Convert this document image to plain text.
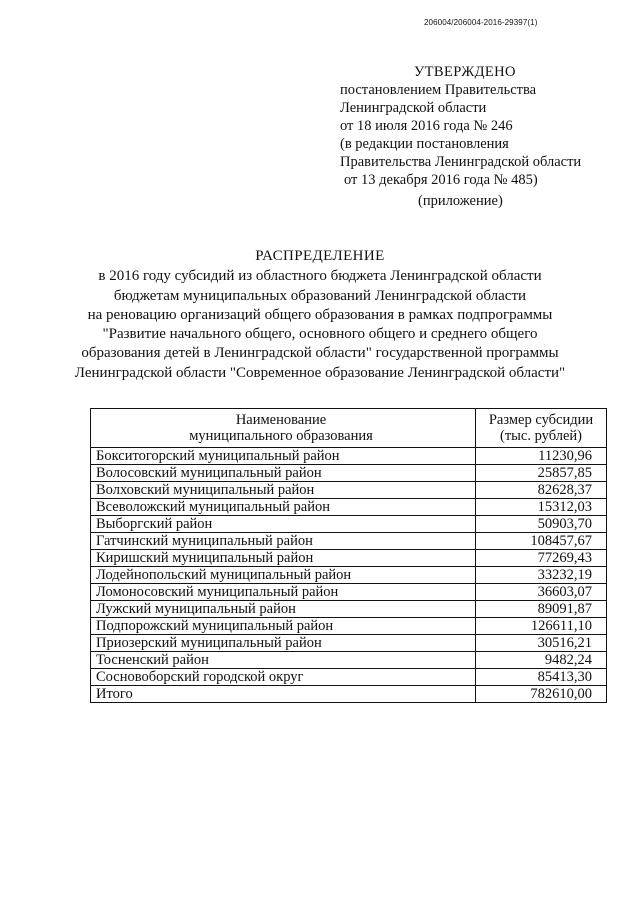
206004/206004-2016-29397(1)
УТВЕРЖДЕНО
постановлением Правительства
Ленинградской области
от 18 июля 2016 года № 246
(в редакции постановления
Правительства Ленинградской области
от 13 декабря 2016 года № 485)
(приложение)
РАСПРЕДЕЛЕНИЕ
в 2016 году субсидий из областного бюджета Ленинградской области
бюджетам муниципальных образований Ленинградской области
на реновацию организаций общего образования в рамках подпрограммы
"Развитие начального общего, основного общего и среднего общего
образования детей в Ленинградской области" государственной программы
Ленинградской области "Современное образование Ленинградской области"
Наименование
муниципального образования	Размер субсидии
(тыс. рублей)

Бокситогорский муниципальный район	11230,96
Волосовский муниципальный район	25857,85
Волховский муниципальный район	82628,37
Всеволожский муниципальный район	15312,03
Выборгский район	50903,70
Гатчинский муниципальный район	108457,67
Киришский муниципальный район	77269,43
Лодейнопольский муниципальный район	33232,19
Ломоносовский муниципальный район	36603,07
Лужский муниципальный район	89091,87
Подпорожский муниципальный район	126611,10
Приозерский муниципальный район	30516,21
Тосненский район	9482,24
Сосновоборский городской округ	85413,30
Итого	782610,00
